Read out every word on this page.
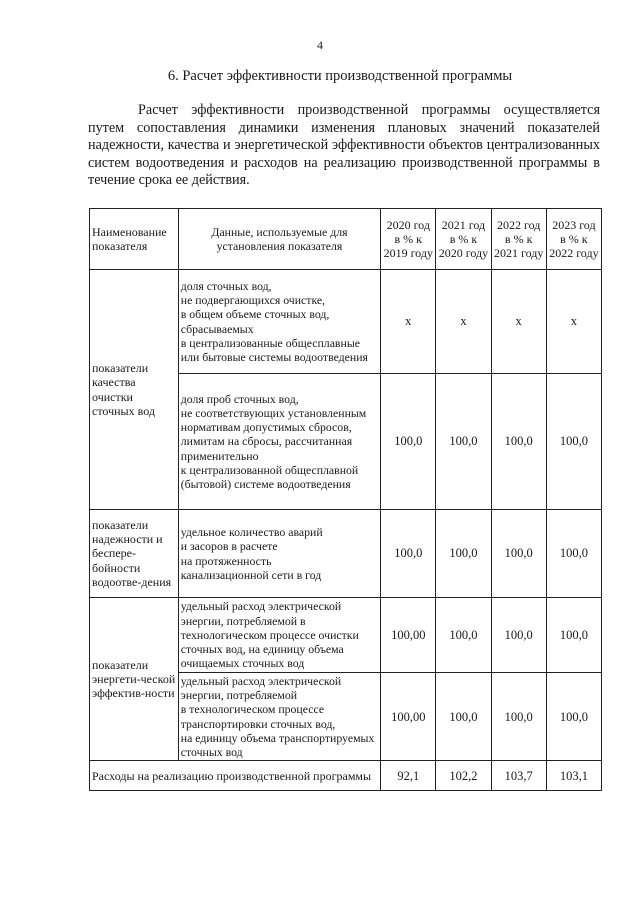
4
6. Расчет эффективности производственной программы

Расчет эффективности производственной программы осуществляется путем сопоставления динамики изменения плановых значений показателей надежности, качества и энергетической эффективности объектов централизованных систем водоотведения и расходов на реализацию производственной программы в течение срока ее действия.

Наименование показателя	Данные, используемые для установления показателя	2020 год в % к 2019 году	2021 год в % к 2020 году	2022 год в % к 2021 году	2023 год в % к 2022 году
показатели качества очистки сточных вод	доля сточных вод,
не подвергающихся очистке,
в общем объеме сточных вод, сбрасываемых
в централизованные общесплавные или бытовые системы водоотведения	х	х	х	х
	доля проб сточных вод,
не соответствующих установленным нормативам допустимых сбросов, лимитам на сбросы, рассчитанная применительно
к централизованной общесплавной (бытовой) системе водоотведения	100,0	100,0	100,0	100,0
показатели надежности и беспере-бойности водоотве-дения	удельное количество аварий
и засоров в расчете
на протяженность
канализационной сети в год	100,0	100,0	100,0	100,0
показатели энергети-ческой эффектив-ности	удельный расход электрической энергии, потребляемой в технологическом процессе очистки сточных вод, на единицу объема очищаемых сточных вод	100,00	100,0	100,0	100,0
	удельный расход электрической энергии, потребляемой
в технологическом процессе транспортировки сточных вод,
на единицу объема транспортируемых сточных вод	100,00	100,0	100,0	100,0
Расходы на реализацию производственной программы		92,1	102,2	103,7	103,1
